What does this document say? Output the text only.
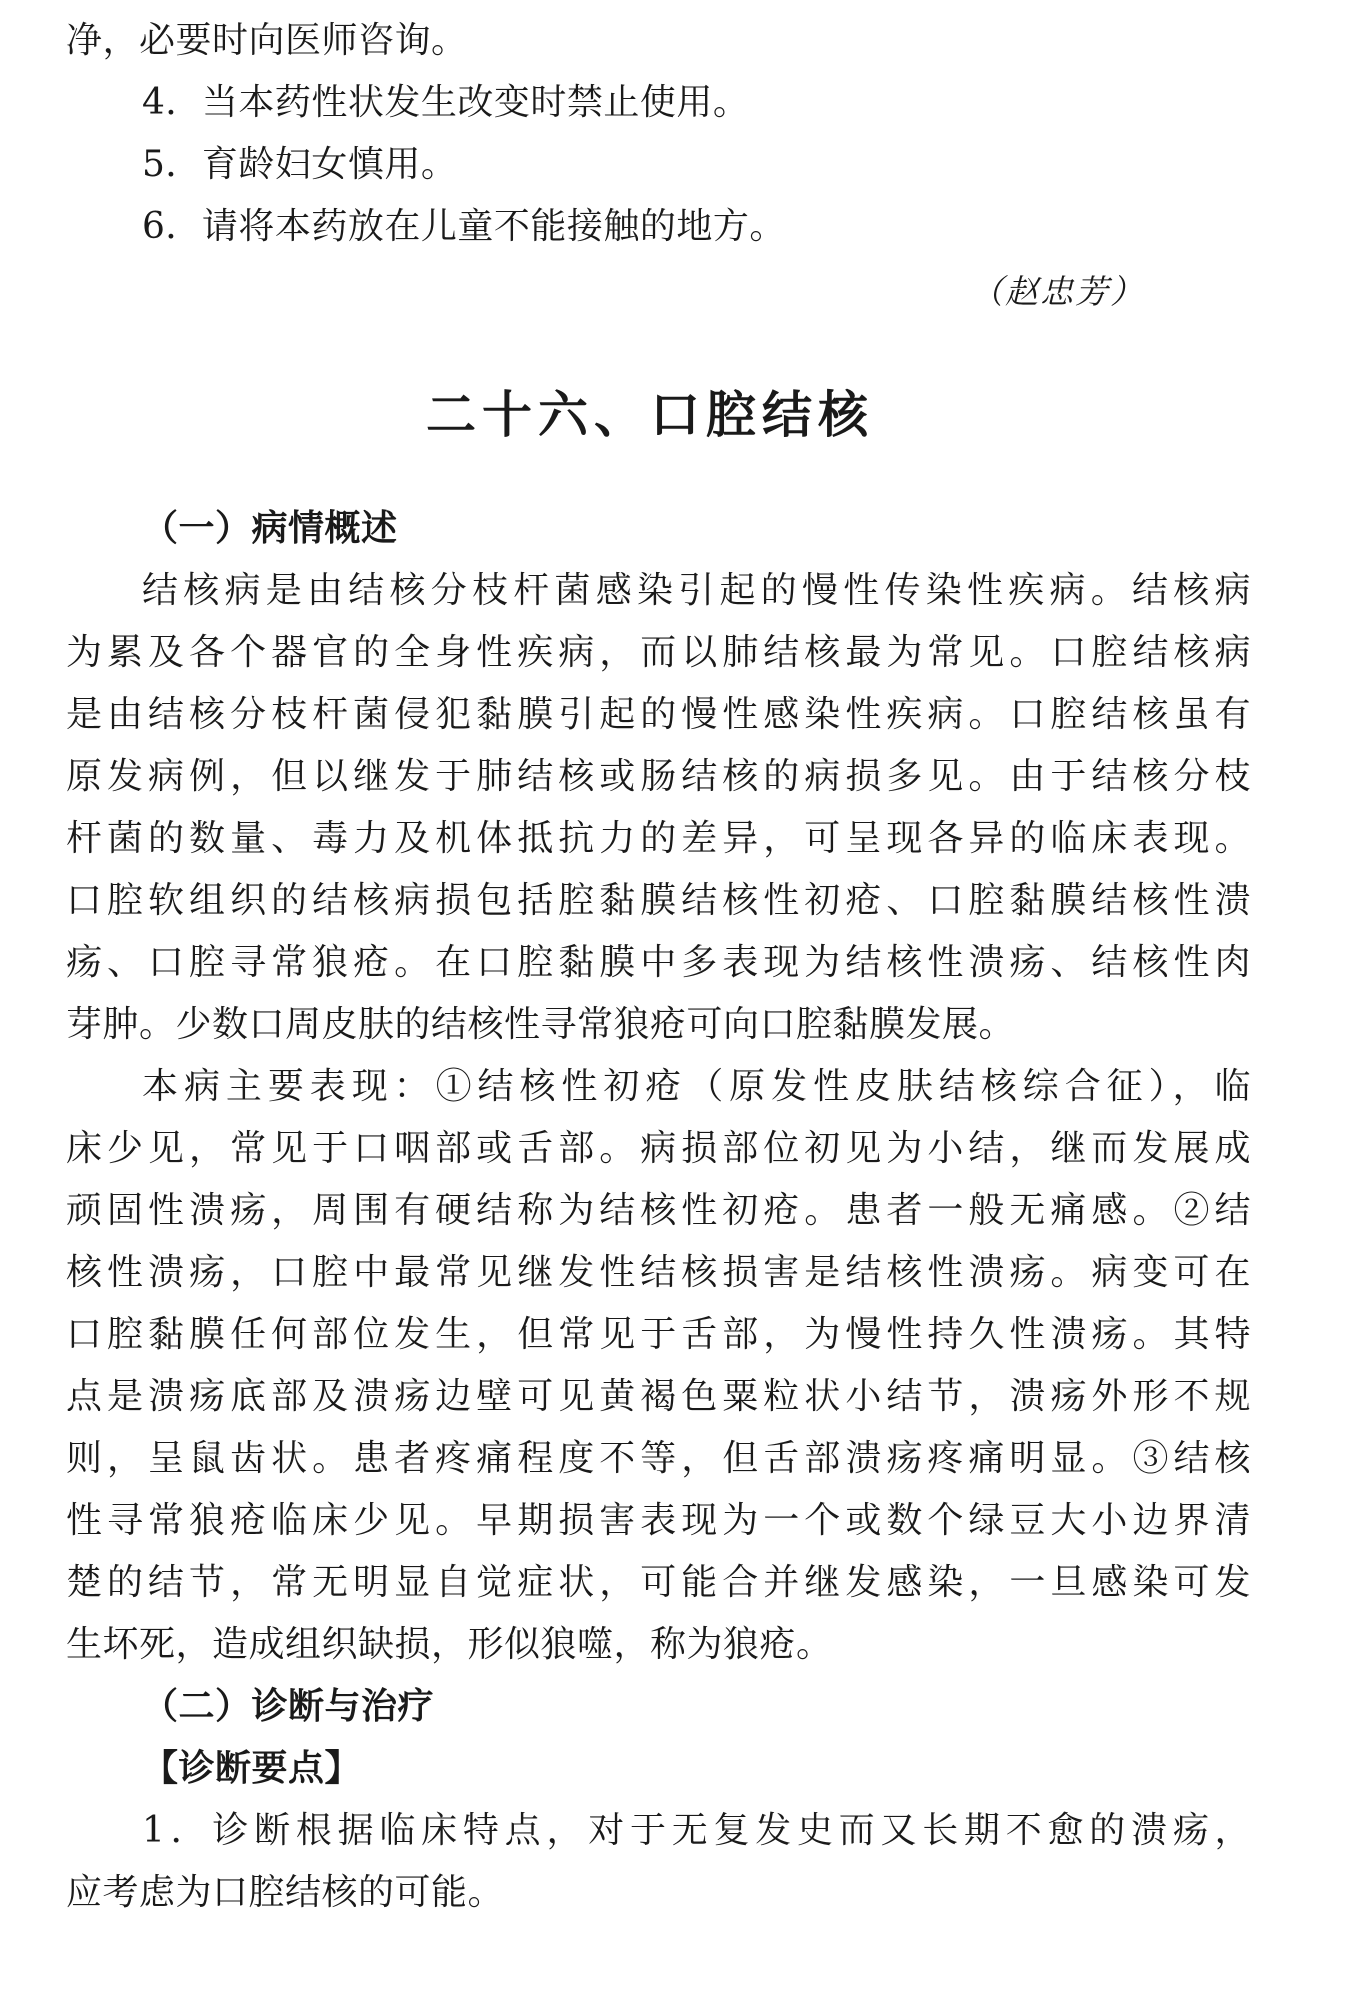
净，必要时向医师咨询。
4．当本药性状发生改变时禁止使用。
5．育龄妇女慎用。
6．请将本药放在儿童不能接触的地方。
（赵忠芳）
二十六、口腔结核
（一）病情概述
结核病是由结核分枝杆菌感染引起的慢性传染性疾病。结核病
为累及各个器官的全身性疾病，而以肺结核最为常见。口腔结核病
是由结核分枝杆菌侵犯黏膜引起的慢性感染性疾病。口腔结核虽有
原发病例，但以继发于肺结核或肠结核的病损多见。由于结核分枝
杆菌的数量、毒力及机体抵抗力的差异，可呈现各异的临床表现。
口腔软组织的结核病损包括腔黏膜结核性初疮、口腔黏膜结核性溃
疡、口腔寻常狼疮。在口腔黏膜中多表现为结核性溃疡、结核性肉
芽肿。少数口周皮肤的结核性寻常狼疮可向口腔黏膜发展。
本病主要表现：①结核性初疮（原发性皮肤结核综合征），临
床少见，常见于口咽部或舌部。病损部位初见为小结，继而发展成
顽固性溃疡，周围有硬结称为结核性初疮。患者一般无痛感。②结
核性溃疡，口腔中最常见继发性结核损害是结核性溃疡。病变可在
口腔黏膜任何部位发生，但常见于舌部，为慢性持久性溃疡。其特
点是溃疡底部及溃疡边壁可见黄褐色粟粒状小结节，溃疡外形不规
则，呈鼠齿状。患者疼痛程度不等，但舌部溃疡疼痛明显。③结核
性寻常狼疮临床少见。早期损害表现为一个或数个绿豆大小边界清
楚的结节，常无明显自觉症状，可能合并继发感染，一旦感染可发
生坏死，造成组织缺损，形似狼噬，称为狼疮。
（二）诊断与治疗
【诊断要点】
1．诊断根据临床特点，对于无复发史而又长期不愈的溃疡，
应考虑为口腔结核的可能。
